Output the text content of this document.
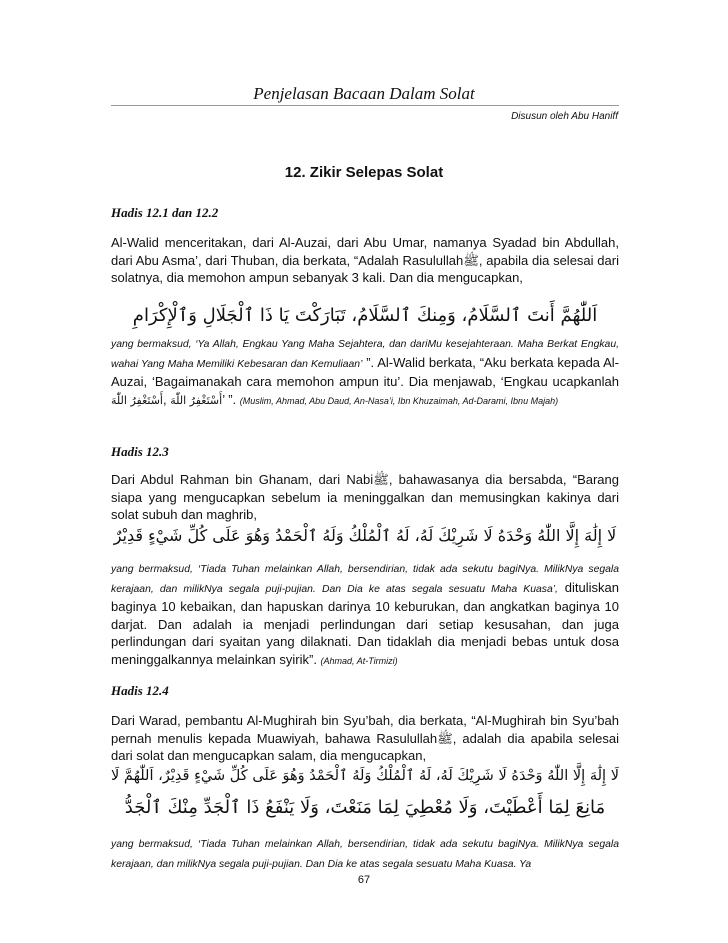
Penjelasan Bacaan Dalam Solat
Disusun oleh Abu Haniff
12. Zikir Selepas Solat
Hadis 12.1 dan 12.2

Al-Walid menceritakan, dari Al-Auzai, dari Abu Umar, namanya Syadad bin Abdullah, dari Abu Asma’, dari Thuban, dia berkata, “Adalah Rasulullahﷺ, apabila dia selesai dari solatnya, dia memohon ampun sebanyak 3 kali. Dan dia mengucapkan,

اَللّٰهُمَّ أَنتَ ٱلسَّلَامُ، وَمِنكَ ٱلسَّلَامُ، تَبَارَكْتَ يَا ذَا ٱلْجَلَالِ وَٱلْإِكْرَامِ

yang bermaksud, ‘Ya Allah, Engkau Yang Maha Sejahtera, dan dariMu kesejahteraan. Maha Berkat Engkau, wahai Yang Maha Memiliki Kebesaran dan Kemuliaan’ ”. Al-Walid berkata, “Aku berkata kepada Al-Auzai, ‘Bagaimanakah cara memohon ampun itu’. Dia menjawab, ‘Engkau ucapkanlah أَسْتَغْفِرُ اللّٰهَ, أَسْتَغْفِرُ اللّٰهَ’ ”. (Muslim, Ahmad, Abu Daud, An-Nasa’i, Ibn Khuzaimah, Ad-Darami, Ibnu Majah)

Hadis 12.3

Dari Abdul Rahman bin Ghanam, dari Nabiﷺ, bahawasanya dia bersabda, “Barang siapa yang mengucapkan sebelum ia meninggalkan dan memusingkan kakinya dari solat subuh dan maghrib,

لَا إِلَٰهَ إِلَّا اللّٰهُ وَحْدَهُ لَا شَرِيْكَ لَهُ، لَهُ ٱلْمُلْكُ وَلَهُ ٱلْحَمْدُ وَهُوَ عَلَى كُلِّ شَيْءٍ قَدِيْرٌ

yang bermaksud, ‘Tiada Tuhan melainkan Allah, bersendirian, tidak ada sekutu bagiNya. MilikNya segala kerajaan, dan milikNya segala puji-pujian. Dan Dia ke atas segala sesuatu Maha Kuasa’, dituliskan baginya 10 kebaikan, dan hapuskan darinya 10 keburukan, dan angkatkan baginya 10 darjat. Dan adalah ia menjadi perlindungan dari setiap kesusahan, dan juga perlindungan dari syaitan yang dilaknati. Dan tidaklah dia menjadi bebas untuk dosa meninggalkannya melainkan syirik”. (Ahmad, At-Tirmizi)

Hadis 12.4

Dari Warad, pembantu Al-Mughirah bin Syu’bah, dia berkata, “Al-Mughirah bin Syu’bah pernah menulis kepada Muawiyah, bahawa Rasulullahﷺ, adalah dia apabila selesai dari solat dan mengucapkan salam, dia mengucapkan,

لَا إِلَٰهَ إِلَّا اللّٰهُ وَحْدَهُ لَا شَرِيْكَ لَهُ، لَهُ ٱلْمُلْكُ وَلَهُ ٱلْحَمْدُ وَهُوَ عَلَى كُلِّ شَيْءٍ قَدِيْرٌ، اَللّٰهُمَّ لَا
مَانِعَ لِمَا أَعْطَيْتَ، وَلَا مُعْطِيَ لِمَا مَنَعْتَ، وَلَا يَنْفَعُ ذَا ٱلْجَدِّ مِنْكَ ٱلْجَدُّ

yang bermaksud, ‘Tiada Tuhan melainkan Allah, bersendirian, tidak ada sekutu bagiNya. MilikNya segala kerajaan, dan milikNya segala puji-pujian. Dan Dia ke atas segala sesuatu Maha Kuasa. Ya

67
